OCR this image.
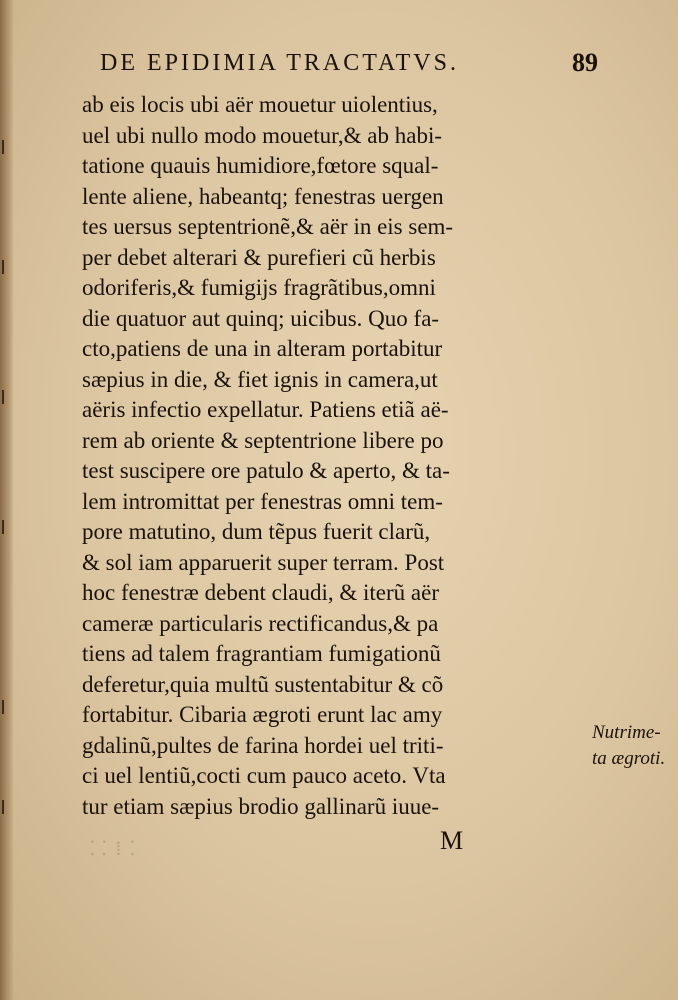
DE EPIDIMIA TRACTATVS.	89
ab eis locis ubi aër mouetur uiolentius,
uel ubi nullo modo mouetur,& ab habi-
tatione quauis humidiore,fœtore squal-
lente aliene, habeantq; fenestras uergen
tes uersus septentrionẽ,& aër in eis sem-
per debet alterari & purefieri cũ herbis
odoriferis,& fumigijs fragrãtibus,omni
die quatuor aut quinq; uicibus. Quo fa-
cto,patiens de una in alteram portabitur
sæpius in die, & fiet ignis in camera,ut
aëris infectio expellatur. Patiens etiã aë-
rem ab oriente & septentrione libere po
test suscipere ore patulo & aperto, & ta-
lem intromittat per fenestras omni tem-
pore matutino, dum tẽpus fuerit clarũ,
& sol iam apparuerit super terram. Post
hoc fenestræ debent claudi, & iterũ aër
cameræ particularis rectificandus,& pa
tiens ad talem fragrantiam fumigationũ
deferetur,quia multũ sustentabitur & cõ
fortabitur. Cibaria ægroti erunt lac amy
gdalinũ,pultes de farina hordei uel triti-
ci uel lentiũ,cocti cum pauco aceto. Vta
tur etiam sæpius brodio gallinarũ iuue-
Nutrime-
ta ægroti.
⸬ ⁞ ⁚	M
